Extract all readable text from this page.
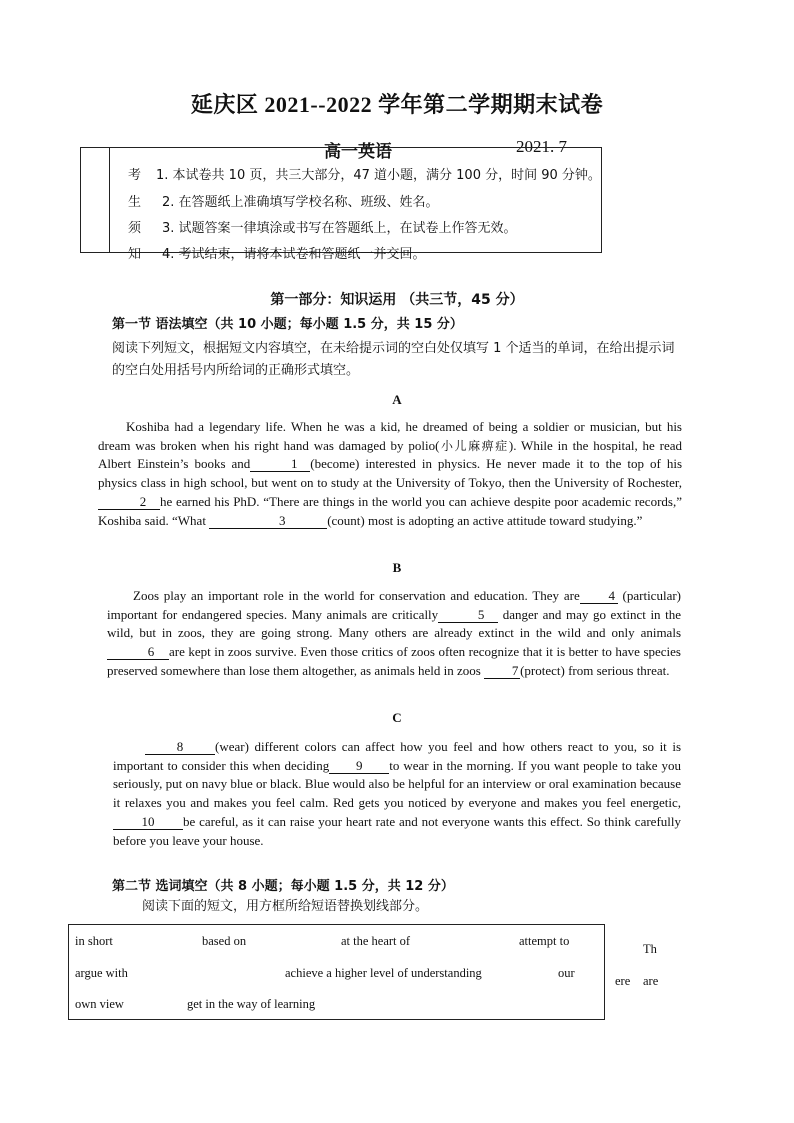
延庆区 2021--2022 学年第二学期期末试卷
高一英语	2021. 7
考 1. 本试卷共 10 页，共三大部分，47 道小题，满分 100 分，时间 90 分钟。
生 2. 在答题纸上准确填写学校名称、班级、姓名。
须 3. 试题答案一律填涂或书写在答题纸上，在试卷上作答无效。
知 4. 考试结束，请将本试卷和答题纸一并交回。
第一部分：知识运用 （共三节，45 分）
第一节 语法填空（共 10 小题；每小题 1.5 分，共 15 分）
阅读下列短文，根据短文内容填空，在未给提示词的空白处仅填写 1 个适当的单词，在给出提示词的空白处用括号内所给词的正确形式填空。
A
Koshiba had a legendary life. When he was a kid, he dreamed of being a soldier or musician, but his dream was broken when his right hand was damaged by polio(小儿麻痹症). While in the hospital, he read Albert Einstein’s books and	1 (become) interested in physics. He never made it to the top of his physics class in high school, but went on to study at the University of Tokyo, then the University of Rochester,2 he earned his PhD. “There are things in the world you can achieve despite poor academic records,” Koshiba said. “What	3	(count) most is adopting an active attitude toward studying.”
B
Zoos play an important role in the world for conservation and education. They are 4 (particular) important for endangered species. Many animals are critically	5 danger and may go extinct in the wild, but in zoos, they are going strong. Many others are already extinct in the wild and only animals6 are kept in zoos survive. Even those critics of zoos often recognize that it is better to have species preserved somewhere than lose them altogether, as animals held in zoos 7 (protect) from serious threat.
C
8 (wear) different colors can affect how you feel and how others react to you, so it is important to consider this when deciding 9 to wear in the morning. If you want people to take you seriously, put on navy blue or black. Blue would also be helpful for an interview or oral examination because it relaxes you and makes you feel calm. Red gets you noticed by everyone and makes you feel energetic,10 be careful, as it can raise your heart rate and not everyone wants this effect. So think carefully before you leave your house.
第二节 选词填空（共 8 小题；每小题 1.5 分，共 12 分）
阅读下面的短文，用方框所给短语替换划线部分。
in short	based on	at the heart of	attempt to
argue with	achieve a higher level of understanding	our
own view	get in the way of learning
Th
ere are
